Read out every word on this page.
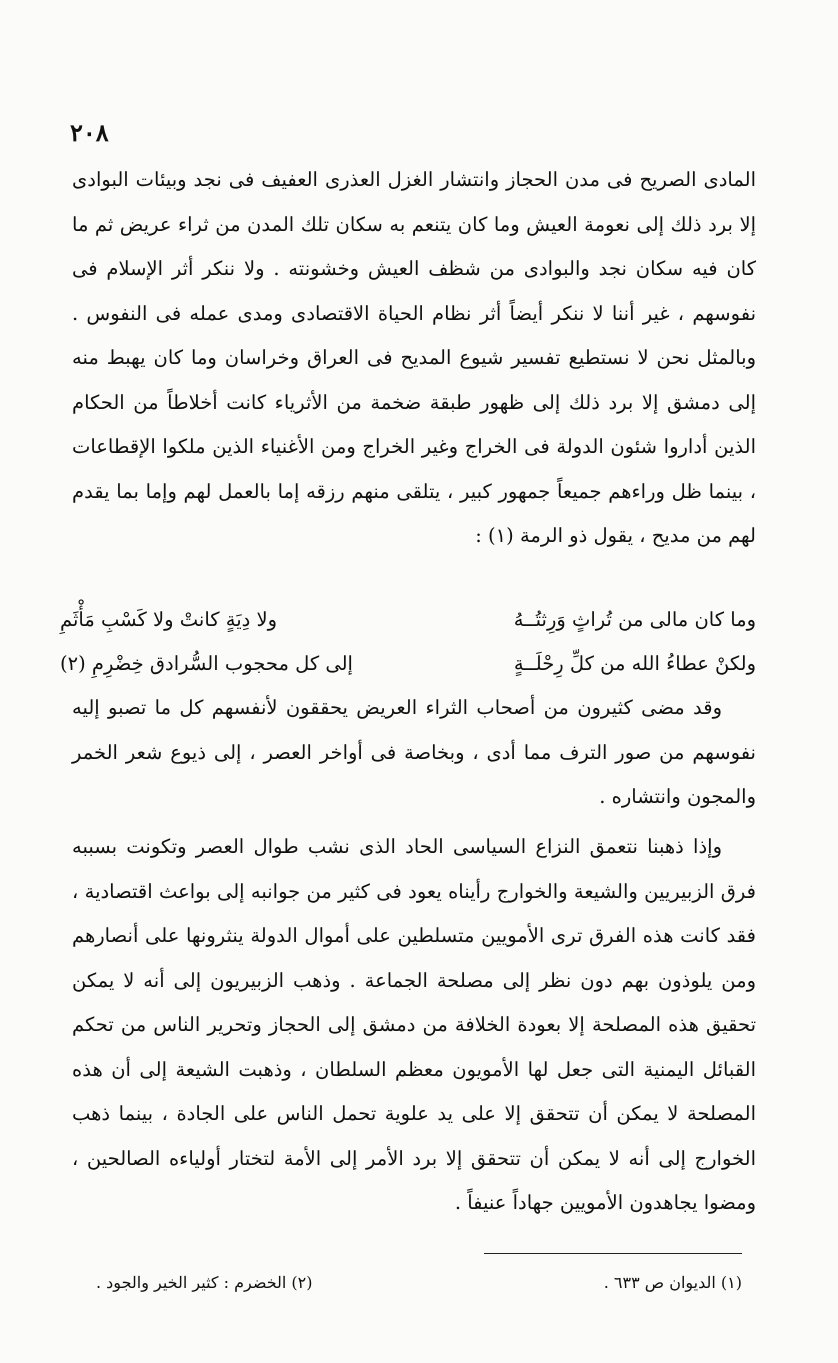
٢٠٨

المادى الصريح فى مدن الحجاز وانتشار الغزل العذرى العفيف فى نجد وبيئات البوادى إلا برد ذلك إلى نعومة العيش وما كان يتنعم به سكان تلك المدن من ثراء عريض ثم ما كان فيه سكان نجد والبوادى من شظف العيش وخشونته . ولا ننكر أثر الإسلام فى نفوسهم ، غير أننا لا ننكر أيضاً أثر نظام الحياة الاقتصادى ومدى عمله فى النفوس . وبالمثل نحن لا نستطيع تفسير شيوع المديح فى العراق وخراسان وما كان يهبط منه إلى دمشق إلا برد ذلك إلى ظهور طبقة ضخمة من الأثرياء كانت أخلاطاً من الحكام الذين أداروا شئون الدولة فى الخراج وغير الخراج ومن الأغنياء الذين ملكوا الإقطاعات ، بينما ظل وراءهم جميعاً جمهور كبير ، يتلقى منهم رزقه إما بالعمل لهم وإما بما يقدم لهم من مديح ، يقول ذو الرمة (١) :

وما كان مالى من تُراثٍ وَرِثتُــهُ
ولا دِيَةٍ كانتْ ولا كَسْبِ مَأْثَمِ
ولكنْ عطاءُ الله من كلِّ رِحْلَــةٍ
إلى كل محجوب السُّرادق خِضْرِمِ (٢)

وقد مضى كثيرون من أصحاب الثراء العريض يحققون لأنفسهم كل ما تصبو إليه نفوسهم من صور الترف مما أدى ، وبخاصة فى أواخر العصر ، إلى ذيوع شعر الخمر والمجون وانتشاره .

وإذا ذهبنا نتعمق النزاع السياسى الحاد الذى نشب طوال العصر وتكونت بسببه فرق الزبيريين والشيعة والخوارج رأيناه يعود فى كثير من جوانبه إلى بواعث اقتصادية ، فقد كانت هذه الفرق ترى الأمويين متسلطين على أموال الدولة ينثرونها على أنصارهم ومن يلوذون بهم دون نظر إلى مصلحة الجماعة . وذهب الزبيريون إلى أنه لا يمكن تحقيق هذه المصلحة إلا بعودة الخلافة من دمشق إلى الحجاز وتحرير الناس من تحكم القبائل اليمنية التى جعل لها الأمويون معظم السلطان ، وذهبت الشيعة إلى أن هذه المصلحة لا يمكن أن تتحقق إلا على يد علوية تحمل الناس على الجادة ، بينما ذهب الخوارج إلى أنه لا يمكن أن تتحقق إلا برد الأمر إلى الأمة لتختار أولياءه الصالحين ، ومضوا يجاهدون الأمويين جهاداً عنيفاً .

(١) الديوان ص ٦٣٣ .
(٢) الخضرم : كثير الخير والجود .
